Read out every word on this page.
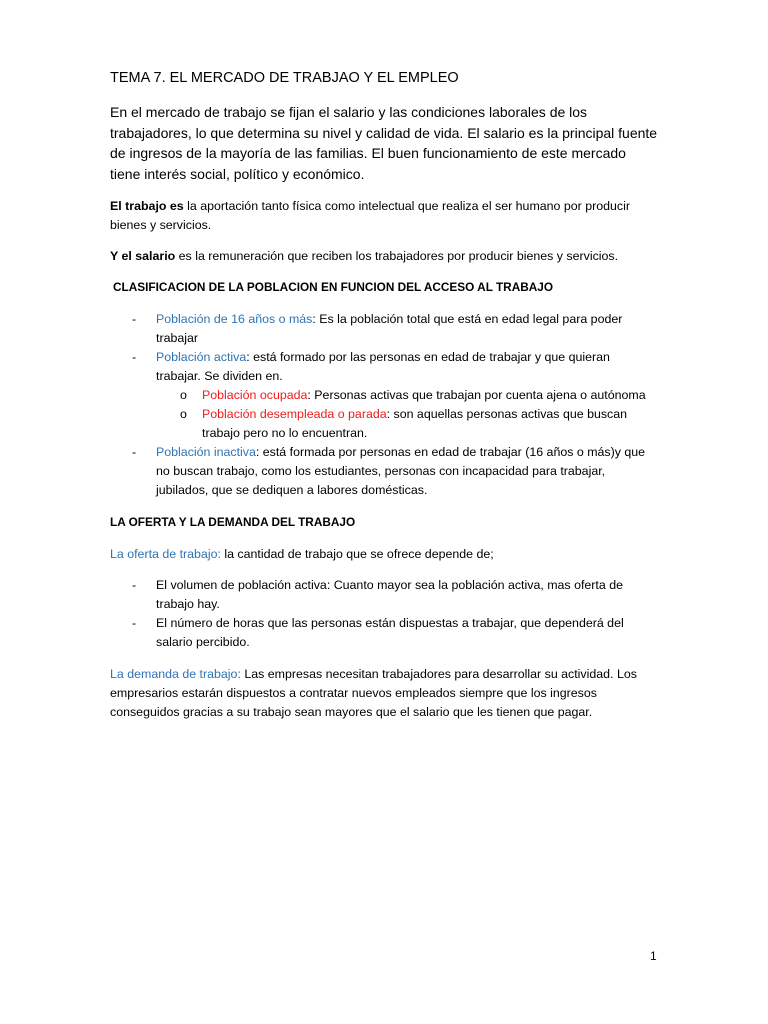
TEMA 7. EL MERCADO DE TRABJAO Y EL EMPLEO

En el mercado de trabajo se fijan el salario y las condiciones laborales de los trabajadores, lo que determina su nivel y calidad de vida. El salario es la principal fuente de ingresos de la mayoría de las familias. El buen funcionamiento de este mercado tiene interés social, político y económico.

El trabajo es la aportación tanto física como intelectual que realiza el ser humano por producir bienes y servicios.

Y el salario es la remuneración que reciben los trabajadores por producir bienes y servicios.

CLASIFICACION DE LA POBLACION EN FUNCION DEL ACCESO AL TRABAJO

- Población de 16 años o más: Es la población total que está en edad legal para poder trabajar
- Población activa: está formado por las personas en edad de trabajar y que quieran trabajar. Se dividen en.
o Población ocupada: Personas activas que trabajan por cuenta ajena o autónoma
o Población desempleada o parada: son aquellas personas activas que buscan trabajo pero no lo encuentran.
- Población inactiva: está formada por personas en edad de trabajar (16 años o más)y que no buscan trabajo, como los estudiantes, personas con incapacidad para trabajar, jubilados, que se dediquen a labores domésticas.

LA OFERTA Y LA DEMANDA DEL TRABAJO

La oferta de trabajo: la cantidad de trabajo que se ofrece depende de;

- El volumen de población activa: Cuanto mayor sea la población activa, mas oferta de trabajo hay.
- El número de horas que las personas están dispuestas a trabajar, que dependerá del salario percibido.

La demanda de trabajo: Las empresas necesitan trabajadores para desarrollar su actividad. Los empresarios estarán dispuestos a contratar nuevos empleados siempre que los ingresos conseguidos gracias a su trabajo sean mayores que el salario que les tienen que pagar.

1
